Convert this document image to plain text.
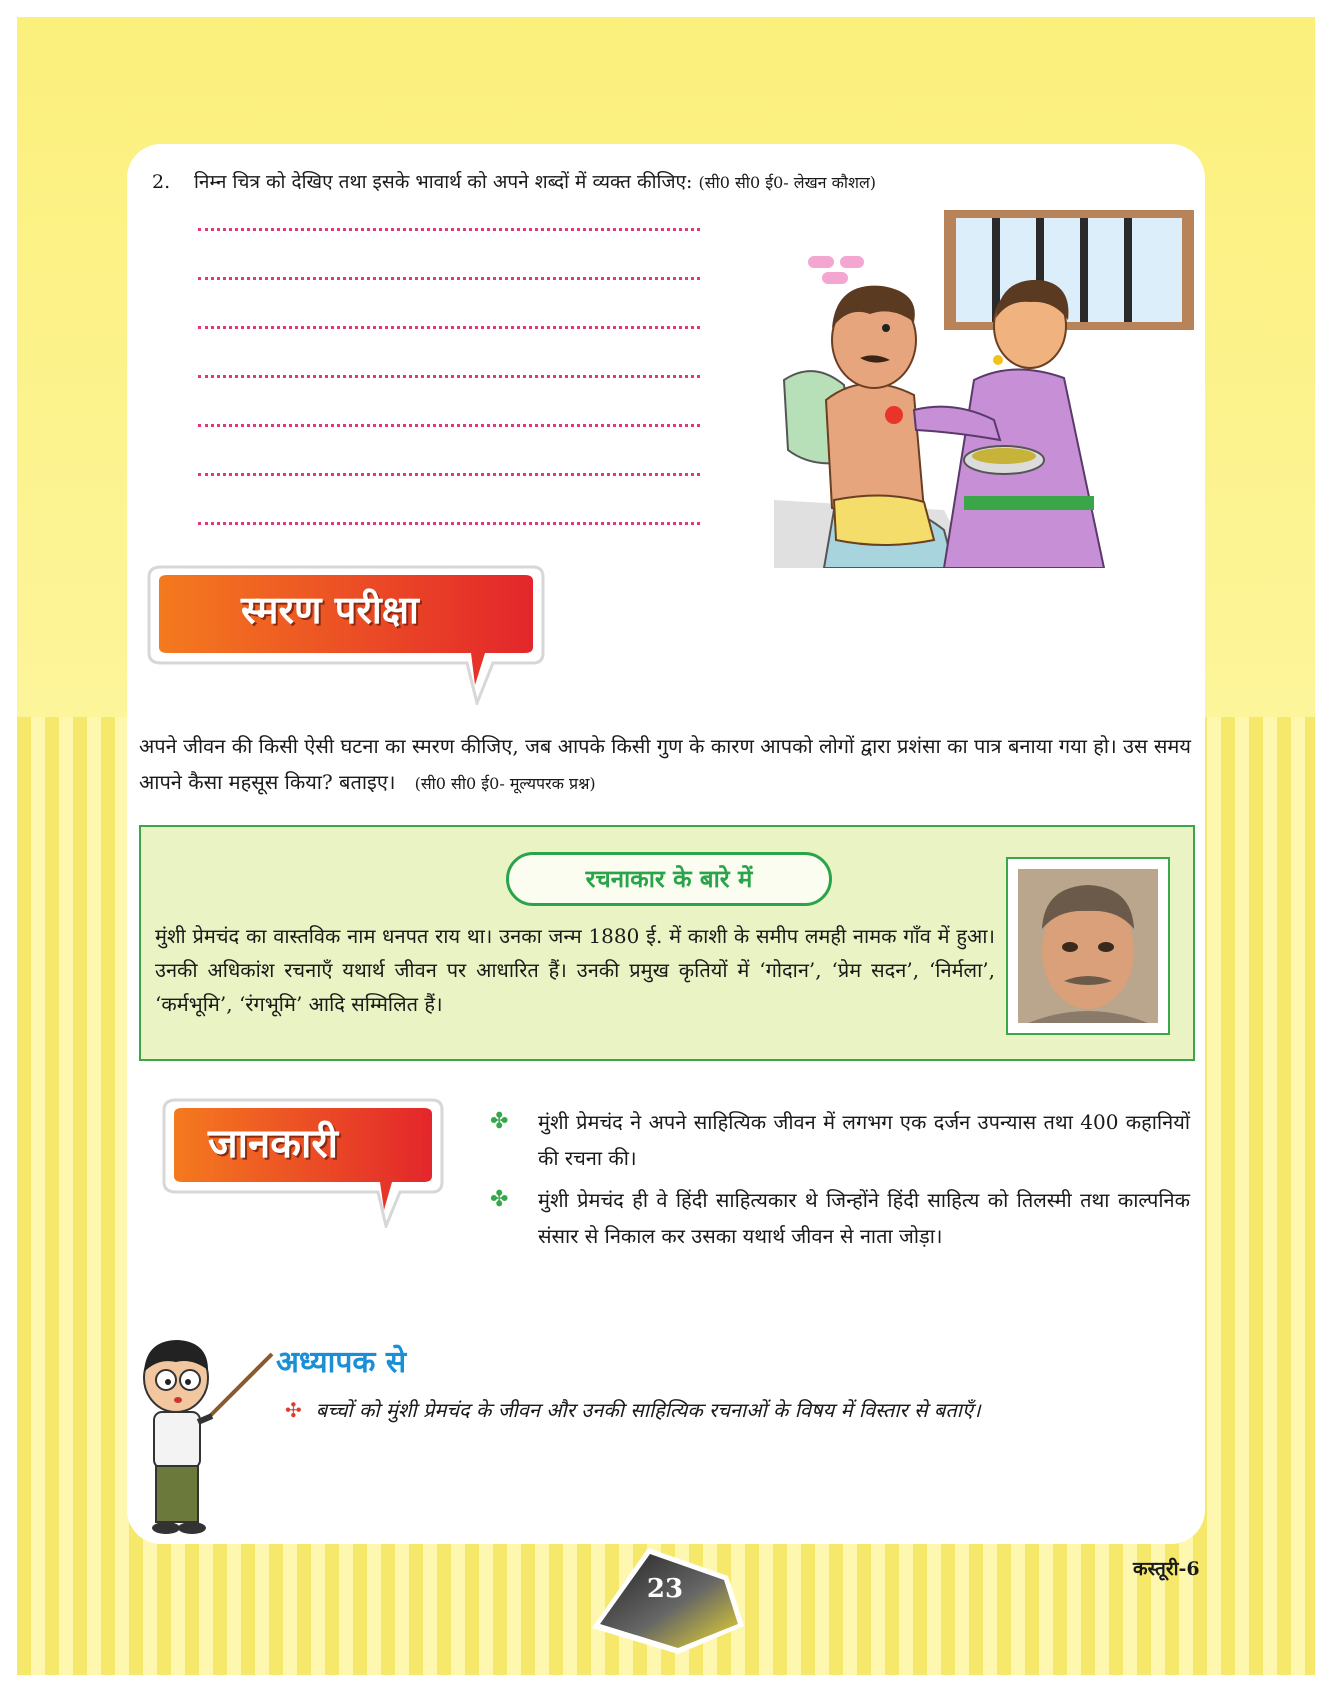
2. निम्न चित्र को देखिए तथा इसके भावार्थ को अपने शब्दों में व्यक्त कीजिए: (सी0 सी0 ई0- लेखन कौशल)
स्मरण परीक्षा
अपने जीवन की किसी ऐसी घटना का स्मरण कीजिए, जब आपके किसी गुण के कारण आपको लोगों द्वारा प्रशंसा का पात्र बनाया गया हो। उस समय आपने कैसा महसूस किया? बताइए। (सी0 सी0 ई0- मूल्यपरक प्रश्न)
रचनाकार के बारे में
मुंशी प्रेमचंद का वास्तविक नाम धनपत राय था। उनका जन्म 1880 ई. में काशी के समीप लमही नामक गाँव में हुआ। उनकी अधिकांश रचनाएँ यथार्थ जीवन पर आधारित हैं। उनकी प्रमुख कृतियों में ‘गोदान’, ‘प्रेम सदन’, ‘निर्मला’, ‘कर्मभूमि’, ‘रंगभूमि’ आदि सम्मिलित हैं।
जानकारी	✤ मुंशी प्रेमचंद ने अपने साहित्यिक जीवन में लगभग एक दर्जन उपन्यास तथा 400 कहानियों की रचना की।
✤ मुंशी प्रेमचंद ही वे हिंदी साहित्यकार थे जिन्होंने हिंदी साहित्य को तिलस्मी तथा काल्पनिक संसार से निकाल कर उसका यथार्थ जीवन से नाता जोड़ा।
अध्यापक से
✣ बच्चों को मुंशी प्रेमचंद के जीवन और उनकी साहित्यिक रचनाओं के विषय में विस्तार से बताएँ।
23
कस्तूरी-6
